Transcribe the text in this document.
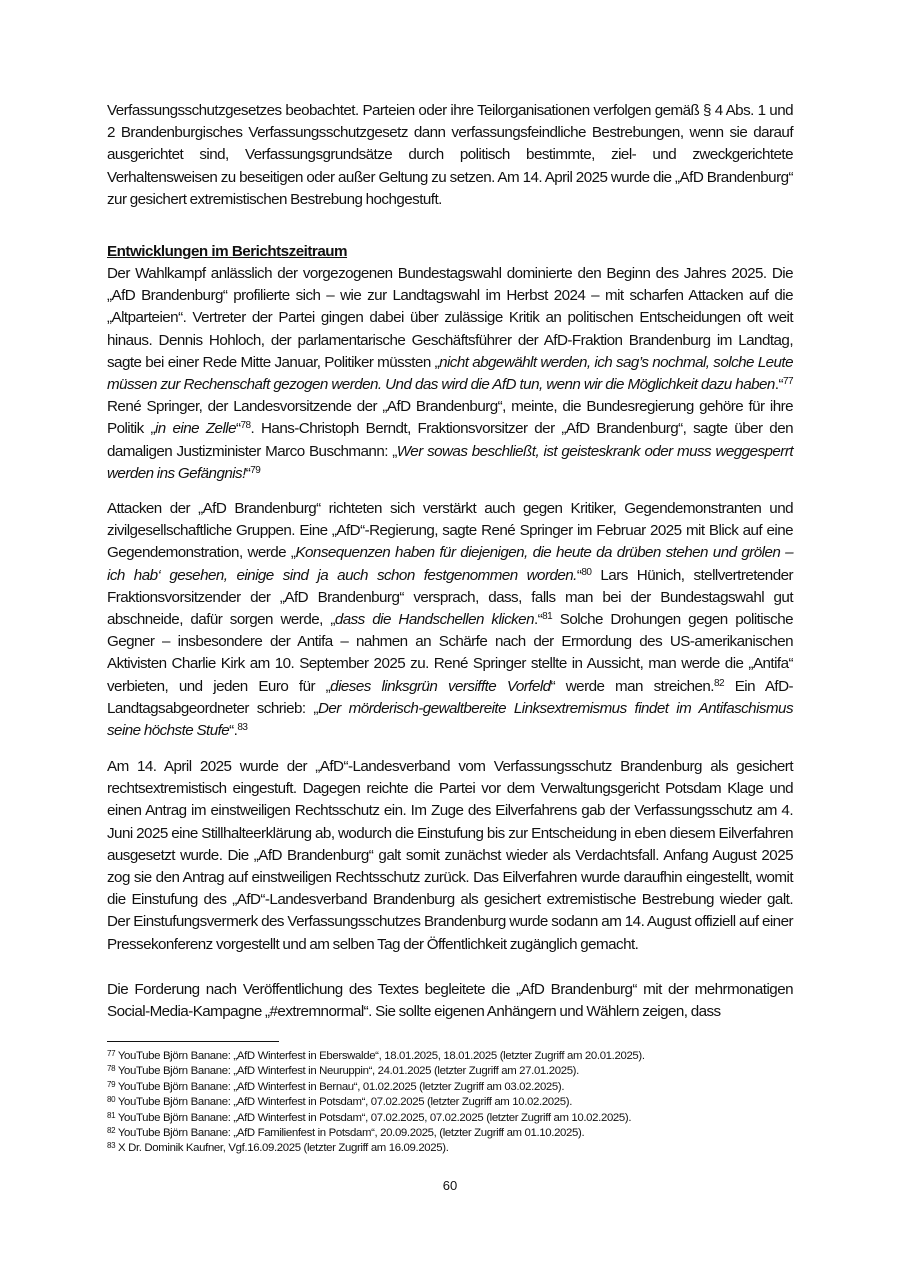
Verfassungsschutzgesetzes beobachtet. Parteien oder ihre Teilorganisationen verfolgen gemäß § 4 Abs. 1 und 2 Brandenburgisches Verfassungsschutzgesetz dann verfassungsfeindliche Bestrebungen, wenn sie darauf ausgerichtet sind, Verfassungsgrundsätze durch politisch bestimmte, ziel- und zweckgerichtete Verhaltensweisen zu beseitigen oder außer Geltung zu setzen. Am 14. April 2025 wurde die „AfD Brandenburg“ zur gesichert extremistischen Bestrebung hochgestuft.

Entwicklungen im Berichtszeitraum

Der Wahlkampf anlässlich der vorgezogenen Bundestagswahl dominierte den Beginn des Jahres 2025. Die „AfD Brandenburg“ profilierte sich – wie zur Landtagswahl im Herbst 2024 – mit scharfen Attacken auf die „Altparteien“. Vertreter der Partei gingen dabei über zulässige Kritik an politischen Entscheidungen oft weit hinaus. Dennis Hohloch, der parlamentarische Geschäftsführer der AfD-Fraktion Brandenburg im Landtag, sagte bei einer Rede Mitte Januar, Politiker müssten „nicht abgewählt werden, ich sag’s nochmal, solche Leute müssen zur Rechenschaft gezogen werden. Und das wird die AfD tun, wenn wir die Möglichkeit dazu haben.“$^{77}$ René Springer, der Landesvorsitzende der „AfD Brandenburg“, meinte, die Bundesregierung gehöre für ihre Politik „in eine Zelle“$^{78}$. Hans-Christoph Berndt, Fraktionsvorsitzer der „AfD Brandenburg“, sagte über den damaligen Justizminister Marco Buschmann: „Wer sowas beschließt, ist geisteskrank oder muss weggesperrt werden ins Gefängnis!“$^{79}$

Attacken der „AfD Brandenburg“ richteten sich verstärkt auch gegen Kritiker, Gegendemonstranten und zivilgesellschaftliche Gruppen. Eine „AfD“-Regierung, sagte René Springer im Februar 2025 mit Blick auf eine Gegendemonstration, werde „Konsequenzen haben für diejenigen, die heute da drüben stehen und grölen – ich hab‘ gesehen, einige sind ja auch schon festgenommen worden.“$^{80}$ Lars Hünich, stellvertretender Fraktionsvorsitzender der „AfD Brandenburg“ versprach, dass, falls man bei der Bundestagswahl gut abschneide, dafür sorgen werde, „dass die Handschellen klicken.“$^{81}$ Solche Drohungen gegen politische Gegner – insbesondere der Antifa – nahmen an Schärfe nach der Ermordung des US-amerikanischen Aktivisten Charlie Kirk am 10. September 2025 zu. René Springer stellte in Aussicht, man werde die „Antifa“ verbieten, und jeden Euro für „dieses linksgrün versiffte Vorfeld“ werde man streichen.$^{82}$ Ein AfD-Landtagsabgeordneter schrieb: „Der mörderisch-gewaltbereite Linksextremismus findet im Antifaschismus seine höchste Stufe“.$^{83}$

Am 14. April 2025 wurde der „AfD“-Landesverband vom Verfassungsschutz Brandenburg als gesichert rechtsextremistisch eingestuft. Dagegen reichte die Partei vor dem Verwaltungsgericht Potsdam Klage und einen Antrag im einstweiligen Rechtsschutz ein. Im Zuge des Eilverfahrens gab der Verfassungsschutz am 4. Juni 2025 eine Stillhalteerklärung ab, wodurch die Einstufung bis zur Entscheidung in eben diesem Eilverfahren ausgesetzt wurde. Die „AfD Brandenburg“ galt somit zunächst wieder als Verdachtsfall. Anfang August 2025 zog sie den Antrag auf einstweiligen Rechtsschutz zurück. Das Eilverfahren wurde daraufhin eingestellt, womit die Einstufung des „AfD“-Landesverband Brandenburg als gesichert extremistische Bestrebung wieder galt. Der Einstufungsvermerk des Verfassungsschutzes Brandenburg wurde sodann am 14. August offiziell auf einer Pressekonferenz vorgestellt und am selben Tag der Öffentlichkeit zugänglich gemacht.

Die Forderung nach Veröffentlichung des Textes begleitete die „AfD Brandenburg“ mit der mehrmonatigen Social-Media-Kampagne „#extremnormal“. Sie sollte eigenen Anhängern und Wählern zeigen, dass

$^{77}$ YouTube Björn Banane: „AfD Winterfest in Eberswalde“, 18.01.2025, 18.01.2025 (letzter Zugriff am 20.01.2025).
$^{78}$ YouTube Björn Banane: „AfD Winterfest in Neuruppin“, 24.01.2025 (letzter Zugriff am 27.01.2025).
$^{79}$ YouTube Björn Banane: „AfD Winterfest in Bernau“, 01.02.2025 (letzter Zugriff am 03.02.2025).
$^{80}$ YouTube Björn Banane: „AfD Winterfest in Potsdam“, 07.02.2025 (letzter Zugriff am 10.02.2025).
$^{81}$ YouTube Björn Banane: „AfD Winterfest in Potsdam“, 07.02.2025, 07.02.2025 (letzter Zugriff am 10.02.2025).
$^{82}$ YouTube Björn Banane: „AfD Familienfest in Potsdam“, 20.09.2025, (letzter Zugriff am 01.10.2025).
$^{83}$ X Dr. Dominik Kaufner, Vgf.16.09.2025 (letzter Zugriff am 16.09.2025).
60
